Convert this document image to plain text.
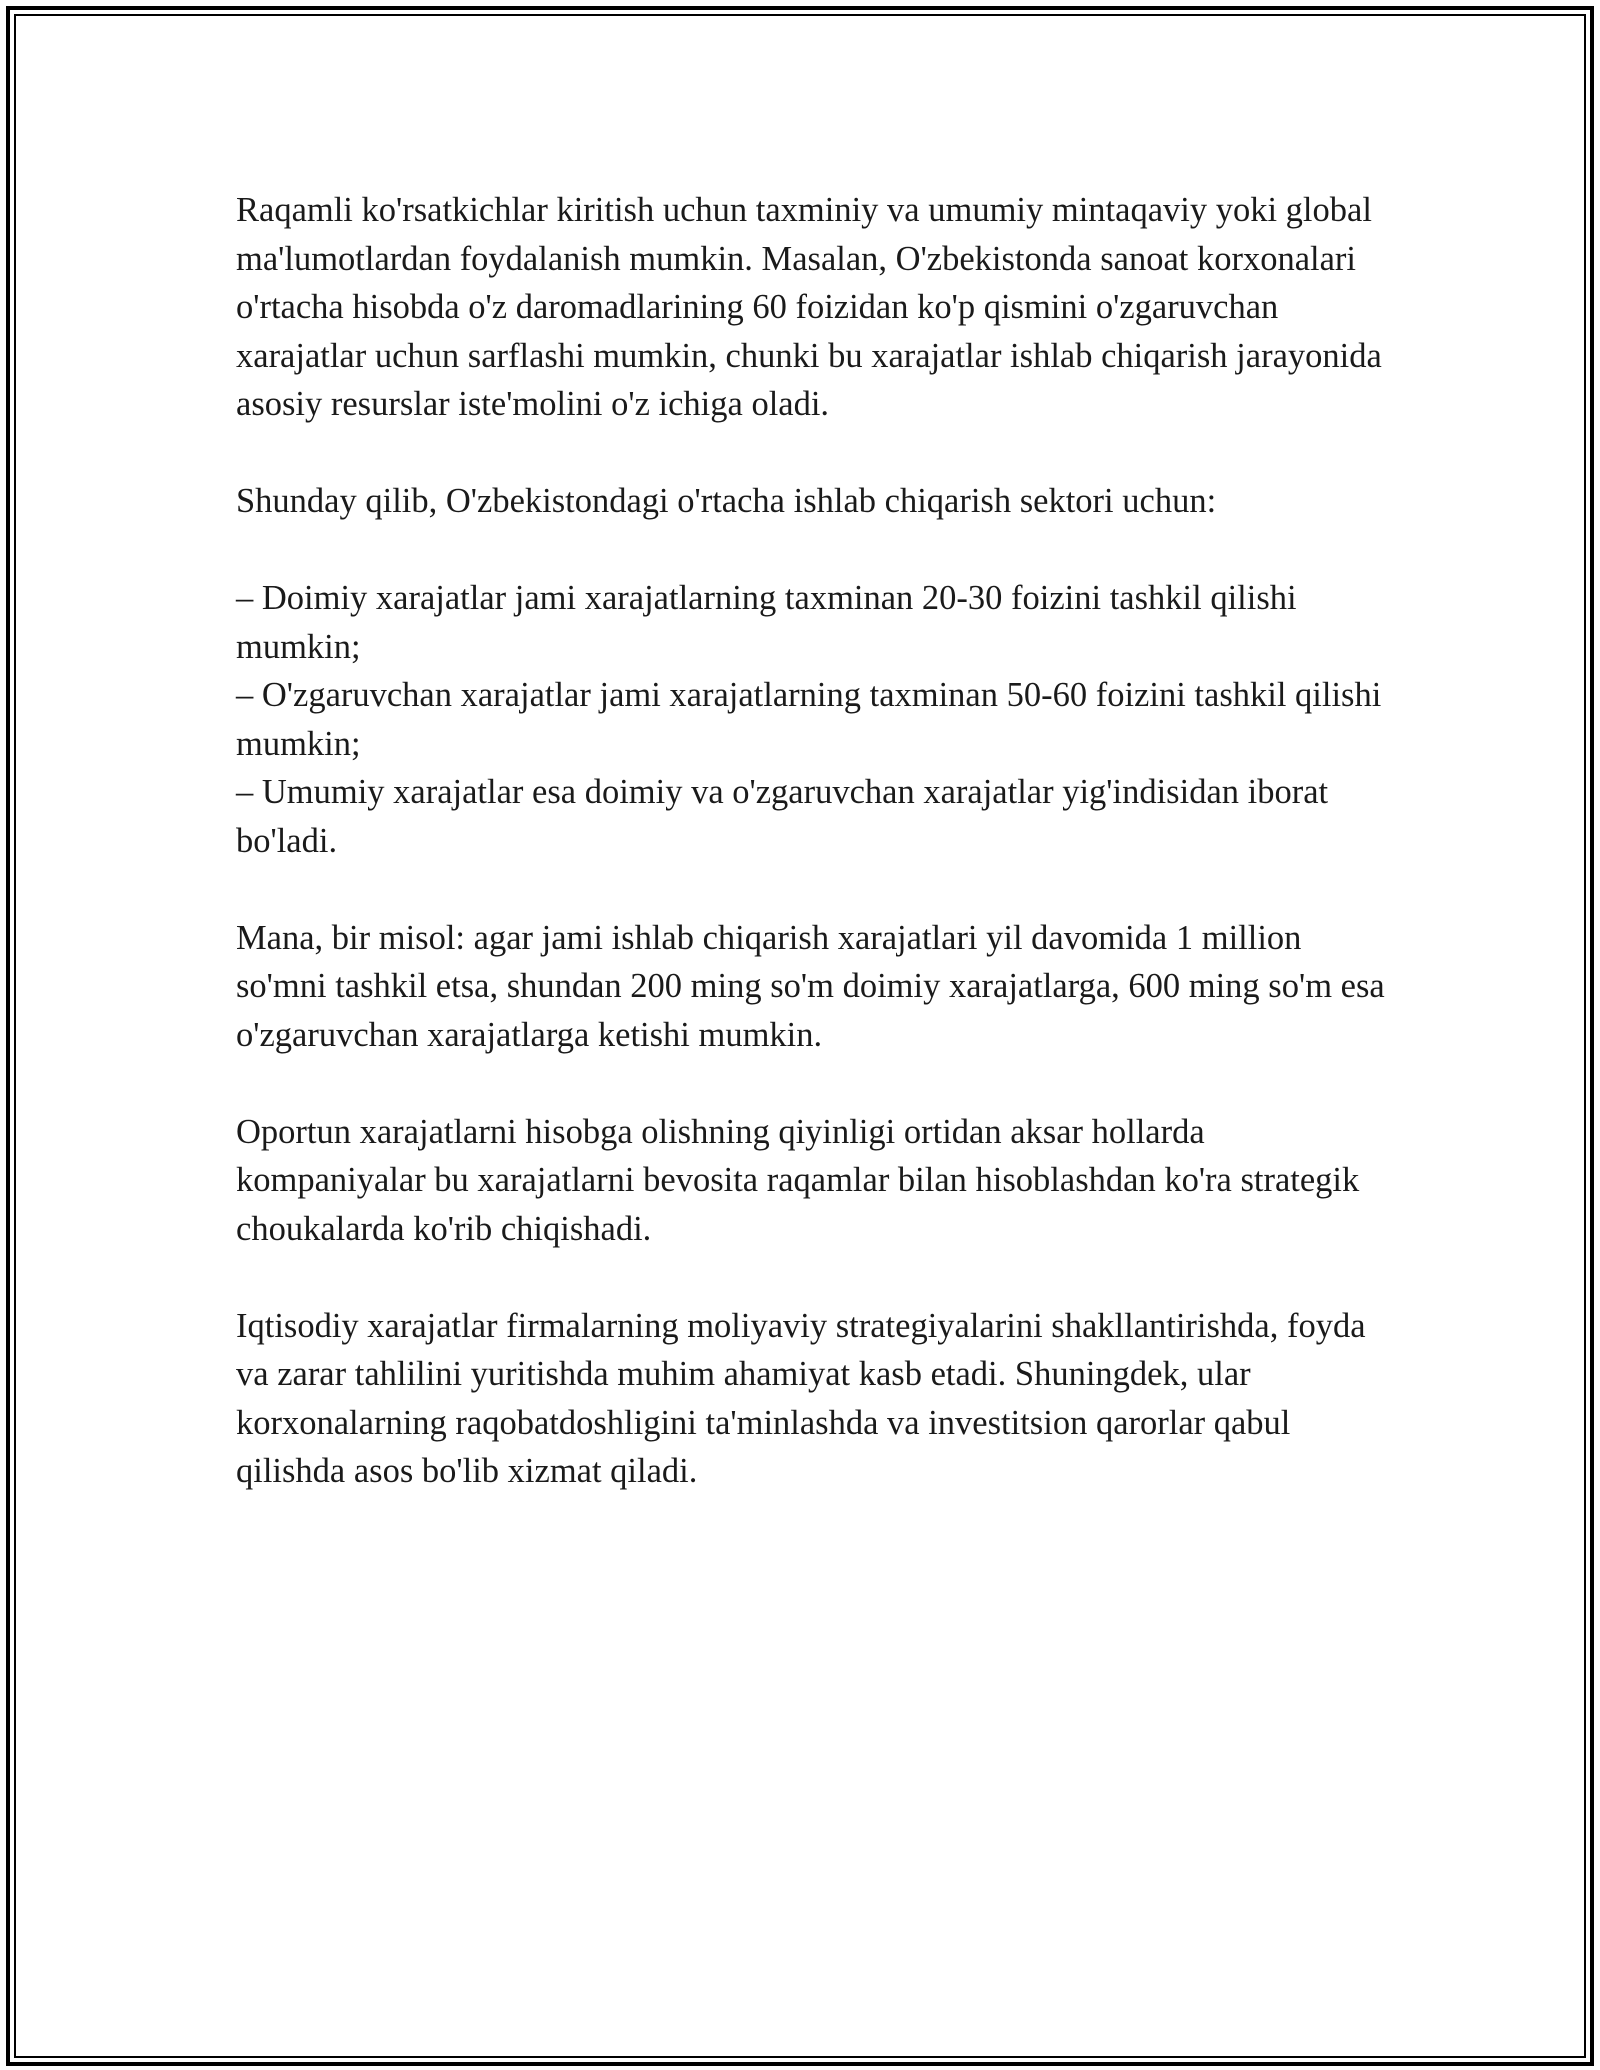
Raqamli ko'rsatkichlar kiritish uchun taxminiy va umumiy mintaqaviy yoki global ma'lumotlardan foydalanish mumkin. Masalan, O'zbekistonda sanoat korxonalari o'rtacha hisobda o'z daromadlarining 60 foizidan ko'p qismini o'zgaruvchan xarajatlar uchun sarflashi mumkin, chunki bu xarajatlar ishlab chiqarish jarayonida asosiy resurslar iste'molini o'z ichiga oladi.

Shunday qilib, O'zbekistondagi o'rtacha ishlab chiqarish sektori uchun:

– Doimiy xarajatlar jami xarajatlarning taxminan 20-30 foizini tashkil qilishi mumkin;

– O'zgaruvchan xarajatlar jami xarajatlarning taxminan 50-60 foizini tashkil qilishi mumkin;

– Umumiy xarajatlar esa doimiy va o'zgaruvchan xarajatlar yig'indisidan iborat bo'ladi.

Mana, bir misol: agar jami ishlab chiqarish xarajatlari yil davomida 1 million so'mni tashkil etsa, shundan 200 ming so'm doimiy xarajatlarga, 600 ming so'm esa o'zgaruvchan xarajatlarga ketishi mumkin.

Oportun xarajatlarni hisobga olishning qiyinligi ortidan aksar hollarda kompaniyalar bu xarajatlarni bevosita raqamlar bilan hisoblashdan ko'ra strategik choukalarda ko'rib chiqishadi.

Iqtisodiy xarajatlar firmalarning moliyaviy strategiyalarini shakllantirishda, foyda va zarar tahlilini yuritishda muhim ahamiyat kasb etadi. Shuningdek, ular korxonalarning raqobatdoshligini ta'minlashda va investitsion qarorlar qabul qilishda asos bo'lib xizmat qiladi.
